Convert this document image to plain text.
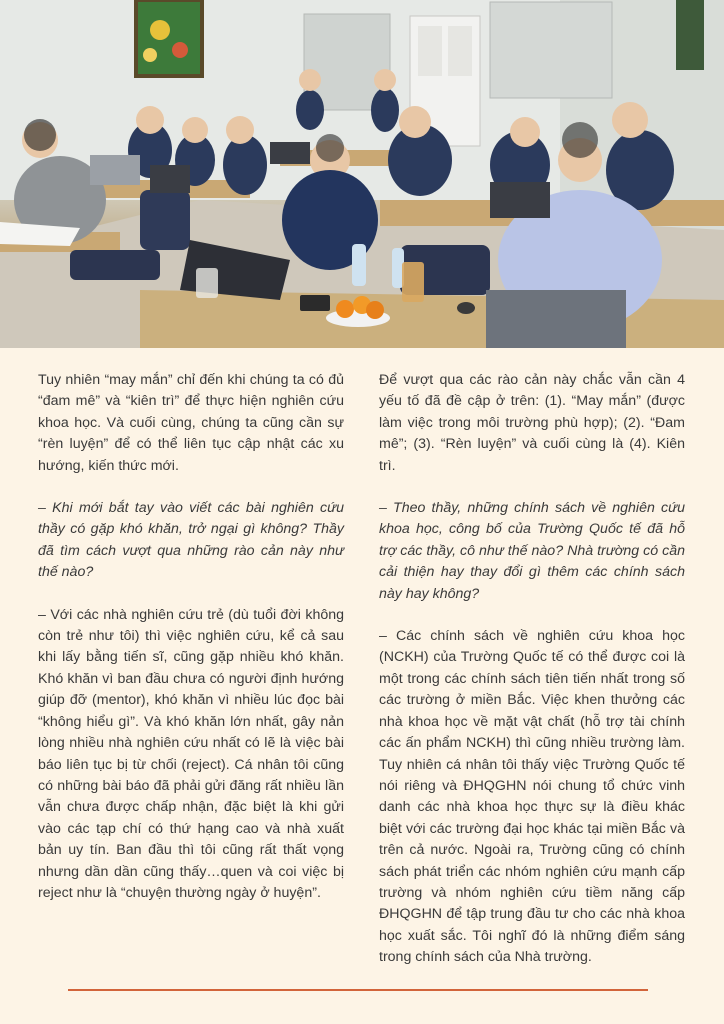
Tuy nhiên “may mắn” chỉ đến khi chúng ta có đủ “đam mê” và “kiên trì” để thực hiện nghiên cứu khoa học. Và cuối cùng, chúng ta cũng cần sự “rèn luyện” để có thể liên tục cập nhật các xu hướng, kiến thức mới.

– Khi mới bắt tay vào viết các bài nghiên cứu thầy có gặp khó khăn, trở ngại gì không? Thầy đã tìm cách vượt qua những rào cản này như thế nào?

– Với các nhà nghiên cứu trẻ (dù tuổi đời không còn trẻ như tôi) thì việc nghiên cứu, kể cả sau khi lấy bằng tiến sĩ, cũng gặp nhiều khó khăn. Khó khăn vì ban đầu chưa có người định hướng giúp đỡ (mentor), khó khăn vì nhiều lúc đọc bài “không hiểu gì”. Và khó khăn lớn nhất, gây nản lòng nhiều nhà nghiên cứu nhất có lẽ là việc bài báo liên tục bị từ chối (reject). Cá nhân tôi cũng có những bài báo đã phải gửi đăng rất nhiều lần vẫn chưa được chấp nhận, đặc biệt là khi gửi vào các tạp chí có thứ hạng cao và nhà xuất bản uy tín. Ban đầu thì tôi cũng rất thất vọng nhưng dần dần cũng thấy…quen và coi việc bị reject như là “chuyện thường ngày ở huyện”.

Để vượt qua các rào cản này chắc vẫn cần 4 yếu tố đã đề cập ở trên: (1). “May mắn” (được làm việc trong môi trường phù hợp); (2). “Đam mê”; (3). “Rèn luyện” và cuối cùng là (4). Kiên trì.

– Theo thầy, những chính sách về nghiên cứu khoa học, công bố của Trường Quốc tế đã hỗ trợ các thầy, cô như thế nào? Nhà trường có cần cải thiện hay thay đổi gì thêm các chính sách này hay không?

– Các chính sách về nghiên cứu khoa học (NCKH) của Trường Quốc tế có thể được coi là một trong các chính sách tiên tiến nhất trong số các trường ở miền Bắc. Việc khen thưởng các nhà khoa học về mặt vật chất (hỗ trợ tài chính các ấn phẩm NCKH) thì cũng nhiều trường làm. Tuy nhiên cá nhân tôi thấy việc Trường Quốc tế nói riêng và ĐHQGHN nói chung tổ chức vinh danh các nhà khoa học thực sự là điều khác biệt với các trường đại học khác tại miền Bắc và trên cả nước. Ngoài ra, Trường cũng có chính sách phát triển các nhóm nghiên cứu mạnh cấp trường và nhóm nghiên cứu tiềm năng cấp ĐHQGHN để tập trung đầu tư cho các nhà khoa học xuất sắc. Tôi nghĩ đó là những điểm sáng trong chính sách của Nhà trường.
